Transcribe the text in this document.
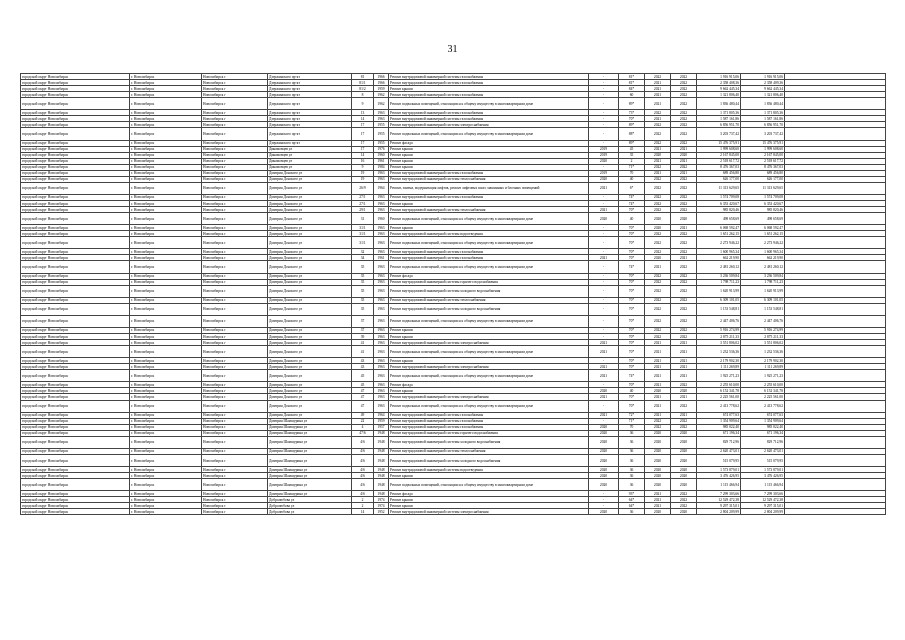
31
городской округ Новосибирск	г. Новосибирск	Новосибирск г	Дзержинского пр-кт	81	1966	Ремонт внутридомовой инженерной системы газоснабжения	-	81*	2022	2022	1 916 915,06	1 916 915,06	
городской округ Новосибирск	г. Новосибирск	Новосибирск г	Дзержинского пр-кт	81/1	1966	Ремонт внутридомовой инженерной системы газоснабжения	-	81*	2021	2022	2 358 408,36	2 358 409,36	
городской округ Новосибирск	г. Новосибирск	Новосибирск г	Дзержинского пр-кт	81/2	1959	Ремонт крыши	-	84*	2021	2022	9 662 445,34	9 662 445,34	
городской округ Новосибирск	г. Новосибирск	Новосибирск г	Дзержинского пр-кт	8	1962	Ремонт внутридомовой инженерной системы газоснабжения	-	60	2021	2022	1 321 806,40	1 321 806,40	
городской округ Новосибирск	г. Новосибирск	Новосибирск г	Дзержинского пр-кт	9	1962	Ремонт подвальных помещений, относящихся к общему имуществу в многоквартирном доме	-	89*	2021	2022	1 836 480,44	1 836 480,44	
городской округ Новосибирск	г. Новосибирск	Новосибирск г	Дзержинского пр-кт	13	1963	Ремонт внутридомовой инженерной системы газоснабжения	-	73*	2022	2022	1 371 805,36	1 371 805,36	
городской округ Новосибирск	г. Новосибирск	Новосибирск г	Дзержинского пр-кт	14	1963	Ремонт внутридомовой инженерной системы газоснабжения	-	70*	2021	2022	1 587 161,86	1 587 161,86	
городской округ Новосибирск	г. Новосибирск	Новосибирск г	Дзержинского пр-кт	17	1955	Ремонт внутридомовой инженерной системы электроснабжения	-	89*	2022	2022	6 856 951,70	6 856 951,70	
городской округ Новосибирск	г. Новосибирск	Новосибирск г	Дзержинского пр-кт	17	1955	Ремонт подвальных помещений, относящихся к общему имуществу в многоквартирном доме	-	88*	2022	2022	3 203 737,42	3 203 737,42	
городской округ Новосибирск	г. Новосибирск	Новосибирск г	Дзержинского пр-кт	17	1955	Ремонт фасада	-	89*	2022	2022	15 476 375,91	15 476 375,91	
городской округ Новосибирск	г. Новосибирск	Новосибирск г	Динамовцев ул	17	1976	Ремонт крыши	2019	45	2021	2021	1 999 608,60	1 999 608,60	
городской округ Новосибирск	г. Новосибирск	Новосибирск г	Динамовцев ул	14	1960	Ремонт крыши	2019	35	2020	2020	2 167 845,00	2 167 845,00	
городской округ Новосибирск	г. Новосибирск	Новосибирск г	Динамовцев ул	16	1961	Ремонт крыши	2020	2	2021	2021	2 518 617,72	2 518 617,72	
городской округ Новосибирск	г. Новосибирск	Новосибирск г	Динамовцев ул	9	1984	Ремонт крыши	-	71*	2022	2022	8 476 367,03	8 476 367,03	
городской округ Новосибирск	г. Новосибирск	Новосибирск г	Дмитрия Донского ул	19	1963	Ремонт внутридомовой инженерной системы газоснабжения	2019	70	2021	2021	689 456,80	689 456,80	
городской округ Новосибирск	г. Новосибирск	Новосибирск г	Дмитрия Донского ул	19	1963	Ремонт внутридомовой инженерной системы теплоснабжения	2020	40	2022	2022	626 177,00	626 177,00	
городской округ Новосибирск	г. Новосибирск	Новосибирск г	Дмитрия Донского ул	26/9	1964	Ремонт, замена, модернизация лифтов, ремонт лифтовых шахт, машинных и блочных помещений	2021	6*	2022	2022	11 313 629,65	11 313 629,65	
городской округ Новосибирск	г. Новосибирск	Новосибирск г	Дмитрия Донского ул	27/1	1963	Ремонт внутридомовой инженерной системы газоснабжения	-	74*	2022	2022	1 574 709,08	1 574 709,08	
городской округ Новосибирск	г. Новосибирск	Новосибирск г	Дмитрия Донского ул	27/1	1963	Ремонт крыши	-	74*	2022	2022	6 353 420,67	6 353 420,67	
городской округ Новосибирск	г. Новосибирск	Новосибирск г	Дмитрия Донского ул	29/1	1963	Ремонт внутридомовой инженерной системы теплоснабжения	2021	70*	2022	2022	985 820,46	985 820,46	
городской округ Новосибирск	г. Новосибирск	Новосибирск г	Дмитрия Донского ул	31	1960	Ремонт подвальных помещений, относящихся к общему имуществу в многоквартирном доме	2020	40	2020	2020	498 658,69	498 658,69	
городской округ Новосибирск	г. Новосибирск	Новосибирск г	Дмитрия Донского ул	31/1	1963	Ремонт крыши	-	70*	2020	2021	6 068 592,47	6 068 592,47	
городской округ Новосибирск	г. Новосибирск	Новосибирск г	Дмитрия Донского ул	31/1	1963	Ремонт внутридомовой инженерной системы водоотведения	-	70*	2022	2022	1 651 262,15	1 651 262,15	
городской округ Новосибирск	г. Новосибирск	Новосибирск г	Дмитрия Донского ул	31/1	1963	Ремонт подвальных помещений, относящихся к общему имуществу в многоквартирном доме	-	70*	2022	2022	2 273 946,22	2 273 946,22	
городской округ Новосибирск	г. Новосибирск	Новосибирск г	Дмитрия Донского ул	32	1963	Ремонт внутридомовой инженерной системы газоснабжения	-	70*	2022	2022	1 600 965,34	1 600 965,34	
городской округ Новосибирск	г. Новосибирск	Новосибирск г	Дмитрия Донского ул	34	1961	Ремонт внутридомовой инженерной системы газоснабжения	2021	70*	2020	2021	662 219,90	662 219,90	
городской округ Новосибирск	г. Новосибирск	Новосибирск г	Дмитрия Донского ул	35	1963	Ремонт подвальных помещений, относящихся к общему имуществу в многоквартирном доме	-	74*	2021	2022	2 481 260,12	2 481 260,12	
городской округ Новосибирск	г. Новосибирск	Новосибирск г	Дмитрия Донского ул	35	1963	Ремонт фасада	-	70*	2022	2022	3 236 509,84	3 236 509,84	
городской округ Новосибирск	г. Новосибирск	Новосибирск г	Дмитрия Донского ул	35	1963	Ремонт внутридомовой инженерной системы горячего водоснабжения	-	70*	2022	2022	1 798 711,23	1 798 711,23	
городской округ Новосибирск	г. Новосибирск	Новосибирск г	Дмитрия Донского ул	35	1963	Ремонт внутридомовой инженерной системы холодного водоснабжения	-	70*	2022	2022	1 620 913,99	1 620 913,99	
городской округ Новосибирск	г. Новосибирск	Новосибирск г	Дмитрия Донского ул	35	1963	Ремонт внутридомовой инженерной системы теплоснабжения	-	70*	2022	2022	6 309 101,05	6 309 101,05	
городской округ Новосибирск	г. Новосибирск	Новосибирск г	Дмитрия Донского ул	35	1963	Ремонт внутридомовой инженерной системы холодного водоснабжения	-	70*	2022	2022	1 153 548,81	1 153 548,81	
городской округ Новосибирск	г. Новосибирск	Новосибирск г	Дмитрия Донского ул	37	1963	Ремонт подвальных помещений, относящихся к общему имуществу в многоквартирном доме	-	70*	2022	2022	2 447 406,76	2 447 406,76	
городской округ Новосибирск	г. Новосибирск	Новосибирск г	Дмитрия Донского ул	37	1963	Ремонт крыши	-	70*	2022	2022	5 916 274,99	5 916 274,99	
городской округ Новосибирск	г. Новосибирск	Новосибирск г	Дмитрия Донского ул	39	1963	Ремонт крыши	-	70*	2022	2022	2 875 211,33	2 875 211,33	
городской округ Новосибирск	г. Новосибирск	Новосибирск г	Дмитрия Донского ул	41	1963	Ремонт внутридомовой инженерной системы электроснабжения	2021	70*	2021	2021	3 551 806,02	3 551 806,02	
городской округ Новосибирск	г. Новосибирск	Новосибирск г	Дмитрия Донского ул	41	1963	Ремонт подвальных помещений, относящихся к общему имуществу в многоквартирном доме	2021	70*	2021	2021	1 232 536,36	1 232 536,36	
городской округ Новосибирск	г. Новосибирск	Новосибирск г	Дмитрия Донского ул	43	1963	Ремонт крыши	-	70*	2021	2021	2 179 902,30	2 179 902,30	
городской округ Новосибирск	г. Новосибирск	Новосибирск г	Дмитрия Донского ул	43	1963	Ремонт внутридомовой инженерной системы электроснабжения	2021	70*	2021	2021	1 111 269,89	1 111 269,89	
городской округ Новосибирск	г. Новосибирск	Новосибирск г	Дмитрия Донского ул	45	1963	Ремонт подвальных помещений, относящихся к общему имуществу в многоквартирном доме	2021	74*	2021	2021	1 925 271,23	1 925 271,23	
городской округ Новосибирск	г. Новосибирск	Новосибирск г	Дмитрия Донского ул	45	1963	Ремонт фасада	-	70*	2021	2022	2 255 610,00	2 255 610,00	
городской округ Новосибирск	г. Новосибирск	Новосибирск г	Дмитрия Донского ул	47	1963	Ремонт крыши	2020	40	2020	2020	6 152 341,78	6 152 341,78	
городской округ Новосибирск	г. Новосибирск	Новосибирск г	Дмитрия Донского ул	47	1963	Ремонт внутридомовой инженерной системы электроснабжения	2021	70*	2021	2021	2 225 561,00	2 225 561,00	
городской округ Новосибирск	г. Новосибирск	Новосибирск г	Дмитрия Донского ул	47	1963	Ремонт подвальных помещений, относящихся к общему имуществу в многоквартирном доме	-	70*	2021	2022	2 413 778,62	2 413 778,62	
городской округ Новосибирск	г. Новосибирск	Новосибирск г	Дмитрия Донского ул	49	1964	Ремонт внутридомовой инженерной системы газоснабжения	2021	72*	2021	2021	674 077,63	674 077,63	
городской округ Новосибирск	г. Новосибирск	Новосибирск г	Дмитрия Шамшурина ул	22	1959	Ремонт внутридомовой инженерной системы газоснабжения	-	71*	2022	2022	1 354 909,64	1 354 909,64	
городской округ Новосибирск	г. Новосибирск	Новосибирск г	Дмитрия Шамшурина ул	4	1957	Ремонт внутридомовой инженерной системы газоснабжения	2020	70	2022	2022	985 022,40	985 022,40	
городской округ Новосибирск	г. Новосибирск	Новосибирск г	Дмитрия Шамшурина ул	47/6	1948	Ремонт внутридомовой инженерной системы горячего водоснабжения	2020	36	2020	2020	671 196,34	671 196,34	
городской округ Новосибирск	г. Новосибирск	Новосибирск г	Дмитрия Шамшурина ул	4/6	1948	Ремонт внутридомовой инженерной системы холодного водоснабжения	2020	36	2020	2020	829 712,96	829 712,96	
городской округ Новосибирск	г. Новосибирск	Новосибирск г	Дмитрия Шамшурина ул	4/6	1948	Ремонт внутридомовой инженерной системы теплоснабжения	2020	36	2020	2020	2 620 473,01	2 620 473,01	
городской округ Новосибирск	г. Новосибирск	Новосибирск г	Дмитрия Шамшурина ул	4/6	1948	Ремонт внутридомовой инженерной системы холодного водоснабжения	2020	36	2020	2020	515 079,95	515 079,95	
городской округ Новосибирск	г. Новосибирск	Новосибирск г	Дмитрия Шамшурина ул	4/6	1948	Ремонт внутридомовой инженерной системы водоотведения	2020	36	2020	2020	1 573 879,01	1 573 879,01	
городской округ Новосибирск	г. Новосибирск	Новосибирск г	Дмитрия Шамшурина ул	4/6	1948	Ремонт крыши	2020	36	2020	2020	3 476 426,95	3 476 426,95	
городской округ Новосибирск	г. Новосибирск	Новосибирск г	Дмитрия Шамшурина ул	4/6	1948	Ремонт подвальных помещений, относящихся к общему имуществу в многоквартирном доме	2020	36	2020	2020	1 115 466,94	1 115 466,94	
городской округ Новосибирск	г. Новосибирск	Новосибирск г	Дмитрия Шамшурина ул	4/6	1948	Ремонт фасада	-	93*	2021	2022	7 299 303,66	7 299 303,66	
городской округ Новосибирск	г. Новосибирск	Новосибирск г	Добролюбова ул	2	1974	Ремонт крыши	-	64*	2021	2022	12 529 472,38	12 529 472,38	
городской округ Новосибирск	г. Новосибирск	Новосибирск г	Добролюбова ул	2	1974	Ремонт крыши	-	64*	2021	2022	9 297 315,01	9 297 315,01	
городской округ Новосибирск	г. Новосибирск	Новосибирск г	Добролюбова ул	14	1952	Ремонт внутридомовой инженерной системы электроснабжения	2020	36	2020	2020	2 804 209,99	2 804 209,99	
